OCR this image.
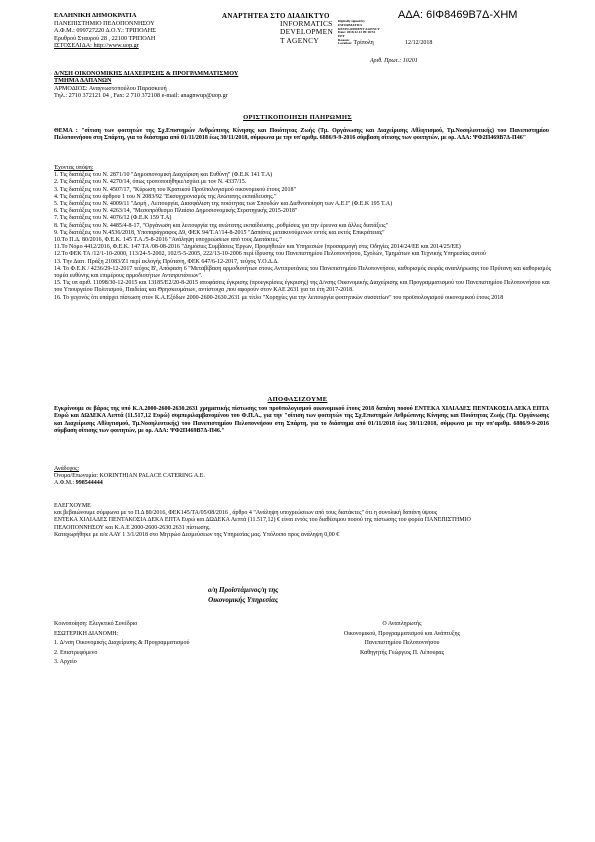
ΕΛΛΗΝΙΚΗ ΔΗΜΟΚΡΑΤΙΑ
ΠΑΝΕΠΙΣΤΗΜΙΟ ΠΕΛΟΠΟΝΝΗΣΟΥ
Α.Φ.Μ.: 099727220 Δ.Ο.Υ.: ΤΡΙΠΟΛΗΣ
Ερυθρού Σταυρού 28 , 22100 ΤΡΙΠΟΛΗ
ΙΣΤΟΣΕΛΙΔΑ: http://www.uop.gr
ΑΝΑΡΤΗΤΕΑ ΣΤΟ ΔΙΑΔΙΚΤΥΟ
INFORMATICS
DEVELOPMEN
T AGENCY
Digitally signed by
INFORMATICS
DEVELOPMENT AGENCY
Date: 2018.12.13 09:18:51
EET
Reason:
ΑΔΑ: 6ΙΦ8469Β7Δ-ΧΗΜ
Location: Τρίπολη	12/12/2018
Αριθ. Πρωτ.: 10201
Δ/ΝΣΗ ΟΙΚΟΝΟΜΙΚΗΣ ΔΙΑΧΕΙΡΙΣΗΣ & ΠΡΟΓΡΑΜΜΑΤΙΣΜΟΥ
ΤΜΗΜΑ ΔΑΠΑΝΩΝ
ΑΡΜΟΔΙΟΣ: Αναγνωστοπούλου Παρασκευή
Τηλ.: 2710 372121 04 , Fax: 2 710 372108 e-mail: anagnwup@uop.gr
ΟΡΙΣΤΙΚΟΠΟΙΗΣΗ ΠΛΗΡΩΜΗΣ
ΘΕΜΑ : "σίτιση των φοιτητών της Σχ.Επιστημών Ανθρώπινης Κίνησης και Ποιότητας Ζωής (Τμ. Οργάνωσης και Διαχείρισης Αθλητισμού, Τμ.Νοσηλευτικής) του Πανεπιστημίου Πελοποννήσου στη Σπάρτη, για το διάστημα από 01/11/2018 έως 30/11/2018, σύμφωνα με την υπ'αριθμ. 6886/9-9-2016 σύμβαση σίτισης των φοιτητών, με ορ. ΑΔΑ: ΨΦ2Π469Β7Δ-Π46"
Έχοντας υπόψη:
1. Τις διατάξεις του Ν. 2871/10 "Δημοσιονομική Διαχείριση και Ευθύνη" (Φ.Ε.Κ 141 Τ.Α)
2. Τις διατάξεις του Ν. 4270/14, όπως τροποποιήθηκε/ισχύει με τον Ν. 4337/15.
3. Τις διατάξεις του Ν. 4507/17, "Κύρωση του Κρατικού Προϋπολογισμού οικονομικού έτους 2018"
4. Τις διατάξεις του άρθρου 1 του Ν 2083/92 "Εκσυγχρονισμός της Ανώτατης εκπαίδευσης."
5. Τις διατάξεις του Ν. 4009/11 "Δομή , Λειτουργία, Διασφάλιση της ποιότητας των Σπουδών και Διεθνοποίηση των Α.Ε.Ι" (Φ.Ε.Κ 195 Τ.Α)
6. Τις διατάξεις του Ν. 4263/14, "Μεσοπρόθεσμο Πλαίσιο Δημοσιονομικής Στρατηγικής 2015-2018"
7. Τις διατάξεις του Ν. 4076/12 (Φ.Ε.Κ 159 Τ.Α)
8. Τις διατάξεις του Ν. 4485/4-8-17, "Οργάνωση και λειτουργία της ανώτατης εκπαίδευσης ,ρυθμίσεις για την έρευνα και άλλες διατάξεις"
9. Τις διατάξεις του Ν.4536/2018, Υποπαράγραφος Δ9, ΦΕΚ 94/Τ.Α'/14-8-2015 "Δαπάνες μετακινούμενων εντός και εκτός Επικράτειας"
10.Το Π.Δ. 80/2016, Φ.Ε.Κ. 145 Τ.Α./5-8-2016 "Ανάληψη υποχρεώσεων από τους Διατάκτες."
11.Το Νόμο 4412/2016, Φ.Ε.Κ. 147 ΤΑ /08-08-2016 "Δημόσιες Συμβάσεις Έργων, Προμηθειών και Υπηρεσιών (προσαρμογή στις Οδηγίες 2014/24/ΕΕ και 2014/25/ΕΕ)
12.Το ΦΕΚ ΤΑ /12/1-10-2000, 113/24-5-2002, 102/5-5-2005, 222/13-10-2006 περί ίδρυσης του Πανεπιστημίου Πελοποννήσου, Σχολών, Τμημάτων και Τεχνικής Υπηρεσίας αυτού
13. Την Διατ. Πράξη 21083/Ζ1 περί εκλογής Πρύτανη, ΦΕΚ 647/6-12-2017, τεύχος Υ.Ο.Δ.Δ.
14. Το Φ.Ε.Κ / 4236/29-12-2017 τεύχος Β', Απόφαση 6 "Μεταβίβαση αρμοδιοτήτων στους Αντιπρυτάνεις του Πανεπιστημίου Πελοποννήσου, καθορισμός σειράς αναπλήρωσης του Πρύτανη και καθορισμός τομέα ευθύνης και επιμέρους αρμοδιοτήτων Αντιπρυτάνεων".
15. Τις υπ αριθ. 11098/30-12-2015 και 13185/Ε2/20-8-2015 αποφάσεις έγκρισης (προεγκρίσεις έγκρισης) της Δ/νσης Οικονομικής Διαχείρισης και Προγραμματισμού του Πανεπιστημίου Πελοποννήσου και του Υπουργείου Πολιτισμού, Παιδείας και Θρησκευμάτων, αντίστοιχα ,που αφορούν στον ΚΑΕ 2631 για τα έτη 2017-2018.
16. Το γεγονός ότι υπάρχει πίστωση στον Κ.Α.Εξόδων 2000-2600-2630.2631 με τίτλο "Χορηγίες για την λειτουργία φοιτητικών συσσιτίων" του προϋπολογισμού οικονομικού έτους 2018
ΑΠΟΦΑΣΙΖΟΥΜΕ
Εγκρίνουμε σε βάρος της υπό Κ.Α.2000-2600-2630.2631 χρηματικής πίστωσης του προϋπολογισμού οικονομικού έτους 2018 δαπάνη ποσού ΕΝΤΕΚΑ ΧΙΛΙΑΔΕΣ ΠΕΝΤΑΚΟΣΙΑ ΔΕΚΑ ΕΠΤΑ Ευρώ και ΔΩΔΕΚΑ Λεπτά (11.517,12 Ευρώ) συμπεριλαμβανομένου του Φ.Π.Α., για την "σίτιση των φοιτητών της Σχ.Επιστημών Ανθρώπινης Κίνησης και Ποιότητας Ζωής (Τμ. Οργάνωσης και Διαχείρισης Αθλητισμού, Τμ.Νοσηλευτικής) του Πανεπιστημίου Πελοποννήσου στη Σπάρτη, για το διάστημα από 01/11/2018 έως 30/11/2018, σύμφωνα με την υπ'αριθμ. 6886/9-9-2016 σύμβαση σίτισης των φοιτητών, με ορ. ΑΔΑ: ΨΦ2Π469Β7Δ-Π46."
Ανάδοχος:
Όνομα/Επωνυμία: KORINTHIAN PALACE CATERING A.E.
Α.Φ.Μ.: 998544444
ΕΛΕΓΧΟΥΜΕ
και βεβαιώνουμε σύμφωνα με το Π.Δ 80/2016, ΦΕΚ145/ΤΑ/05/08/2016 , άρθρο 4 "Ανάληψη υποχρεώσεων από τους διατάκτες" ότι η συνολική δαπάνη ύψους
ΕΝΤΕΚΑ ΧΙΛΙΑΔΕΣ ΠΕΝΤΑΚΟΣΙΑ ΔΕΚΑ ΕΠΤΑ Ευρώ και ΔΩΔΕΚΑ Λεπτά (11.517,12) € είναι εντός του διαθέσιμου ποσού της πίστωσης του φορέα ΠΑΝΕΠΙΣΤΗΜΙΟ
ΠΕΛΟΠΟΝΝΗΣΟΥ και Κ.Α.Ε 2000-2600-2630.2631 πίστωσης.
Καταχωρήθηκε με α/α ΑΑΥ 1 3/1/2018 στο Μητρώο Δεσμεύσεων της Υπηρεσίας μας. Υπόλοιπο προς ανάληψη 0,00 €
ο/η Προϊστάμενος/η της
Οικονομικής Υπηρεσίας
Κοινοποίηση: Ελεγκτικό Συνέδριο
ΕΣΩΤΕΡΙΚΗ ΔΙΑΝΟΜΗ:
1. Δ/νση Οικονομικής Διαχείρισης & Προγραμματισμού
2. Επιστρεφόμενο
3. Αρχείο
Ο Αναπληρωτής
Οικονομικού, Προγραμματισμού και Ανάπτυξης
Πανεπιστημίου Πελοποννήσου
Καθηγητής Γεώργιος Π. Λέπουρας
